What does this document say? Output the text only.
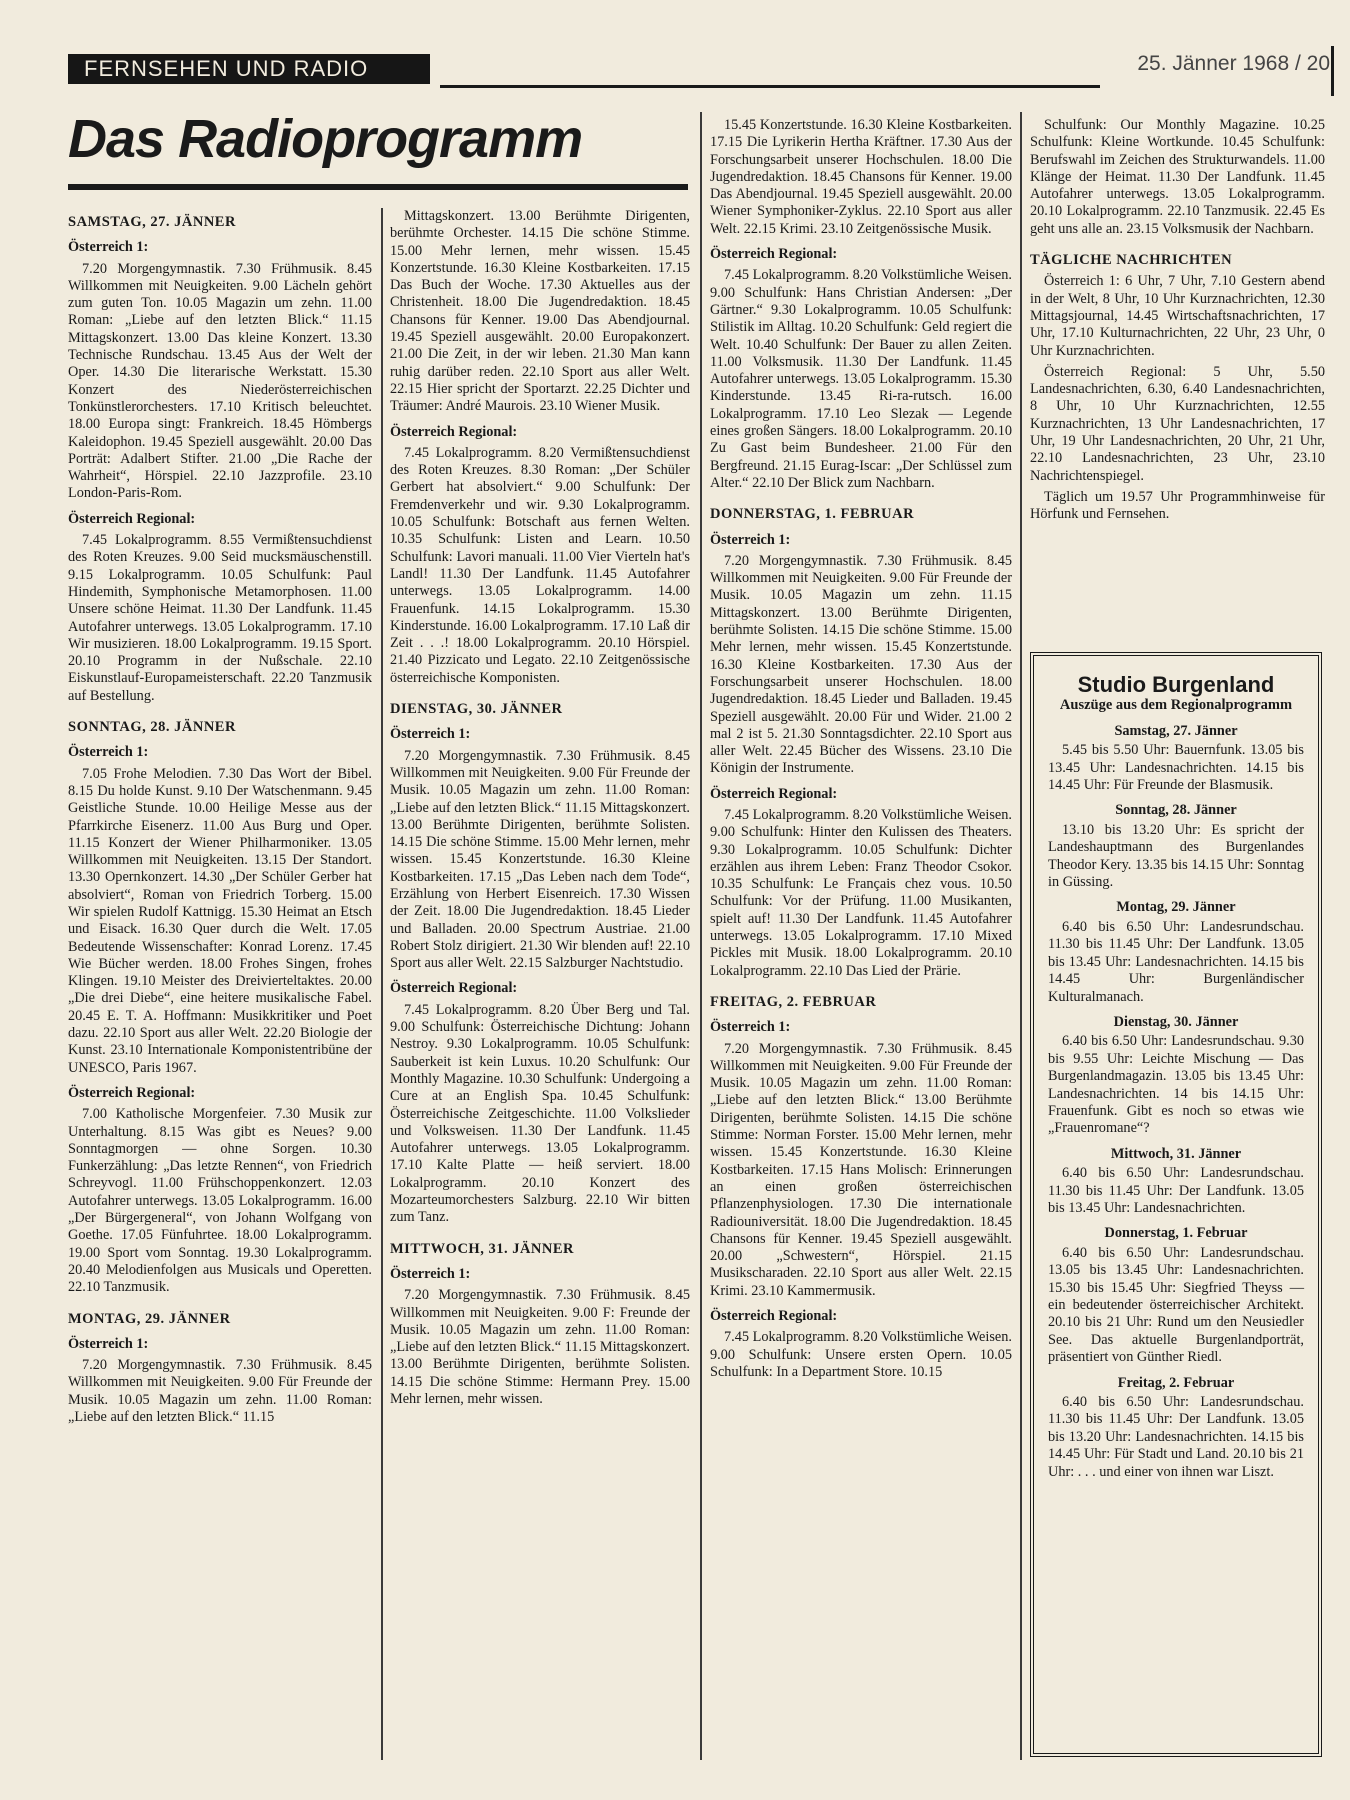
FERNSEHEN UND RADIO	25. Jänner 1968 / 20
Das Radioprogramm

SAMSTAG, 27. JÄNNER

Österreich 1:

7.20 Morgengymnastik. 7.30 Frühmusik. 8.45 Willkommen mit Neuigkeiten. 9.00 Lächeln gehört zum guten Ton. 10.05 Magazin um zehn. 11.00 Roman: „Liebe auf den letzten Blick.“ 11.15 Mittagskonzert. 13.00 Das kleine Konzert. 13.30 Technische Rundschau. 13.45 Aus der Welt der Oper. 14.30 Die literarische Werkstatt. 15.30 Konzert des Niederösterreichischen Tonkünstlerorchesters. 17.10 Kritisch beleuchtet. 18.00 Europa singt: Frankreich. 18.45 Hömbergs Kaleidophon. 19.45 Speziell ausgewählt. 20.00 Das Porträt: Adalbert Stifter. 21.00 „Die Rache der Wahrheit“, Hörspiel. 22.10 Jazzprofile. 23.10 London-Paris-Rom.

Österreich Regional:

7.45 Lokalprogramm. 8.55 Vermißtensuchdienst des Roten Kreuzes. 9.00 Seid mucksmäuschenstill. 9.15 Lokalprogramm. 10.05 Schulfunk: Paul Hindemith, Symphonische Metamorphosen. 11.00 Unsere schöne Heimat. 11.30 Der Landfunk. 11.45 Autofahrer unterwegs. 13.05 Lokalprogramm. 17.10 Wir musizieren. 18.00 Lokalprogramm. 19.15 Sport. 20.10 Programm in der Nußschale. 22.10 Eiskunstlauf-Europameisterschaft. 22.20 Tanzmusik auf Bestellung.

SONNTAG, 28. JÄNNER

Österreich 1:

7.05 Frohe Melodien. 7.30 Das Wort der Bibel. 8.15 Du holde Kunst. 9.10 Der Watschenmann. 9.45 Geistliche Stunde. 10.00 Heilige Messe aus der Pfarrkirche Eisenerz. 11.00 Aus Burg und Oper. 11.15 Konzert der Wiener Philharmoniker. 13.05 Willkommen mit Neuigkeiten. 13.15 Der Standort. 13.30 Opernkonzert. 14.30 „Der Schüler Gerber hat absolviert“, Roman von Friedrich Torberg. 15.00 Wir spielen Rudolf Kattnigg. 15.30 Heimat an Etsch und Eisack. 16.30 Quer durch die Welt. 17.05 Bedeutende Wissenschafter: Konrad Lorenz. 17.45 Wie Bücher werden. 18.00 Frohes Singen, frohes Klingen. 19.10 Meister des Dreivierteltaktes. 20.00 „Die drei Diebe“, eine heitere musikalische Fabel. 20.45 E. T. A. Hoffmann: Musikkritiker und Poet dazu. 22.10 Sport aus aller Welt. 22.20 Biologie der Kunst. 23.10 Internationale Komponistentribüne der UNESCO, Paris 1967.

Österreich Regional:

7.00 Katholische Morgenfeier. 7.30 Musik zur Unterhaltung. 8.15 Was gibt es Neues? 9.00 Sonntagmorgen — ohne Sorgen. 10.30 Funkerzählung: „Das letzte Rennen“, von Friedrich Schreyvogl. 11.00 Frühschoppenkonzert. 12.03 Autofahrer unterwegs. 13.05 Lokalprogramm. 16.00 „Der Bürgergeneral“, von Johann Wolfgang von Goethe. 17.05 Fünfuhrtee. 18.00 Lokalprogramm. 19.00 Sport vom Sonntag. 19.30 Lokalprogramm. 20.40 Melodienfolgen aus Musicals und Operetten. 22.10 Tanzmusik.

MONTAG, 29. JÄNNER

Österreich 1:

7.20 Morgengymnastik. 7.30 Frühmusik. 8.45 Willkommen mit Neuigkeiten. 9.00 Für Freunde der Musik. 10.05 Magazin um zehn. 11.00 Roman: „Liebe auf den letzten Blick.“ 11.15

Mittagskonzert. 13.00 Berühmte Dirigenten, berühmte Orchester. 14.15 Die schöne Stimme. 15.00 Mehr lernen, mehr wissen. 15.45 Konzertstunde. 16.30 Kleine Kostbarkeiten. 17.15 Das Buch der Woche. 17.30 Aktuelles aus der Christenheit. 18.00 Die Jugendredaktion. 18.45 Chansons für Kenner. 19.00 Das Abendjournal. 19.45 Speziell ausgewählt. 20.00 Europakonzert. 21.00 Die Zeit, in der wir leben. 21.30 Man kann ruhig darüber reden. 22.10 Sport aus aller Welt. 22.15 Hier spricht der Sportarzt. 22.25 Dichter und Träumer: André Maurois. 23.10 Wiener Musik.

Österreich Regional:

7.45 Lokalprogramm. 8.20 Vermißtensuchdienst des Roten Kreuzes. 8.30 Roman: „Der Schüler Gerbert hat absolviert.“ 9.00 Schulfunk: Der Fremdenverkehr und wir. 9.30 Lokalprogramm. 10.05 Schulfunk: Botschaft aus fernen Welten. 10.35 Schulfunk: Listen and Learn. 10.50 Schulfunk: Lavori manuali. 11.00 Vier Vierteln hat's Landl! 11.30 Der Landfunk. 11.45 Autofahrer unterwegs. 13.05 Lokalprogramm. 14.00 Frauenfunk. 14.15 Lokalprogramm. 15.30 Kinderstunde. 16.00 Lokalprogramm. 17.10 Laß dir Zeit . . .! 18.00 Lokalprogramm. 20.10 Hörspiel. 21.40 Pizzicato und Legato. 22.10 Zeitgenössische österreichische Komponisten.

DIENSTAG, 30. JÄNNER

Österreich 1:

7.20 Morgengymnastik. 7.30 Frühmusik. 8.45 Willkommen mit Neuigkeiten. 9.00 Für Freunde der Musik. 10.05 Magazin um zehn. 11.00 Roman: „Liebe auf den letzten Blick.“ 11.15 Mittagskonzert. 13.00 Berühmte Dirigenten, berühmte Solisten. 14.15 Die schöne Stimme. 15.00 Mehr lernen, mehr wissen. 15.45 Konzertstunde. 16.30 Kleine Kostbarkeiten. 17.15 „Das Leben nach dem Tode“, Erzählung von Herbert Eisenreich. 17.30 Wissen der Zeit. 18.00 Die Jugendredaktion. 18.45 Lieder und Balladen. 20.00 Spectrum Austriae. 21.00 Robert Stolz dirigiert. 21.30 Wir blenden auf! 22.10 Sport aus aller Welt. 22.15 Salzburger Nachtstudio.

Österreich Regional:

7.45 Lokalprogramm. 8.20 Über Berg und Tal. 9.00 Schulfunk: Österreichische Dichtung: Johann Nestroy. 9.30 Lokalprogramm. 10.05 Schulfunk: Sauberkeit ist kein Luxus. 10.20 Schulfunk: Our Monthly Magazine. 10.30 Schulfunk: Undergoing a Cure at an English Spa. 10.45 Schulfunk: Österreichische Zeitgeschichte. 11.00 Volkslieder und Volksweisen. 11.30 Der Landfunk. 11.45 Autofahrer unterwegs. 13.05 Lokalprogramm. 17.10 Kalte Platte — heiß serviert. 18.00 Lokalprogramm. 20.10 Konzert des Mozarteumorchesters Salzburg. 22.10 Wir bitten zum Tanz.

MITTWOCH, 31. JÄNNER

Österreich 1:

7.20 Morgengymnastik. 7.30 Frühmusik. 8.45 Willkommen mit Neuigkeiten. 9.00 F: Freunde der Musik. 10.05 Magazin um zehn. 11.00 Roman: „Liebe auf den letzten Blick.“ 11.15 Mittagskonzert. 13.00 Berühmte Dirigenten, berühmte Solisten. 14.15 Die schöne Stimme: Hermann Prey. 15.00 Mehr lernen, mehr wissen.

15.45 Konzertstunde. 16.30 Kleine Kostbarkeiten. 17.15 Die Lyrikerin Hertha Kräftner. 17.30 Aus der Forschungsarbeit unserer Hochschulen. 18.00 Die Jugendredaktion. 18.45 Chansons für Kenner. 19.00 Das Abendjournal. 19.45 Speziell ausgewählt. 20.00 Wiener Symphoniker-Zyklus. 22.10 Sport aus aller Welt. 22.15 Krimi. 23.10 Zeitgenössische Musik.

Österreich Regional:

7.45 Lokalprogramm. 8.20 Volkstümliche Weisen. 9.00 Schulfunk: Hans Christian Andersen: „Der Gärtner.“ 9.30 Lokalprogramm. 10.05 Schulfunk: Stilistik im Alltag. 10.20 Schulfunk: Geld regiert die Welt. 10.40 Schulfunk: Der Bauer zu allen Zeiten. 11.00 Volksmusik. 11.30 Der Landfunk. 11.45 Autofahrer unterwegs. 13.05 Lokalprogramm. 15.30 Kinderstunde. 13.45 Ri-ra-rutsch. 16.00 Lokalprogramm. 17.10 Leo Slezak — Legende eines großen Sängers. 18.00 Lokalprogramm. 20.10 Zu Gast beim Bundesheer. 21.00 Für den Bergfreund. 21.15 Eurag-Iscar: „Der Schlüssel zum Alter.“ 22.10 Der Blick zum Nachbarn.

DONNERSTAG, 1. FEBRUAR

Österreich 1:

7.20 Morgengymnastik. 7.30 Frühmusik. 8.45 Willkommen mit Neuigkeiten. 9.00 Für Freunde der Musik. 10.05 Magazin um zehn. 11.15 Mittagskonzert. 13.00 Berühmte Dirigenten, berühmte Solisten. 14.15 Die schöne Stimme. 15.00 Mehr lernen, mehr wissen. 15.45 Konzertstunde. 16.30 Kleine Kostbarkeiten. 17.30 Aus der Forschungsarbeit unserer Hochschulen. 18.00 Jugendredaktion. 18.45 Lieder und Balladen. 19.45 Speziell ausgewählt. 20.00 Für und Wider. 21.00 2 mal 2 ist 5. 21.30 Sonntagsdichter. 22.10 Sport aus aller Welt. 22.45 Bücher des Wissens. 23.10 Die Königin der Instrumente.

Österreich Regional:

7.45 Lokalprogramm. 8.20 Volkstümliche Weisen. 9.00 Schulfunk: Hinter den Kulissen des Theaters. 9.30 Lokalprogramm. 10.05 Schulfunk: Dichter erzählen aus ihrem Leben: Franz Theodor Csokor. 10.35 Schulfunk: Le Français chez vous. 10.50 Schulfunk: Vor der Prüfung. 11.00 Musikanten, spielt auf! 11.30 Der Landfunk. 11.45 Autofahrer unterwegs. 13.05 Lokalprogramm. 17.10 Mixed Pickles mit Musik. 18.00 Lokalprogramm. 20.10 Lokalprogramm. 22.10 Das Lied der Prärie.

FREITAG, 2. FEBRUAR

Österreich 1:

7.20 Morgengymnastik. 7.30 Frühmusik. 8.45 Willkommen mit Neuigkeiten. 9.00 Für Freunde der Musik. 10.05 Magazin um zehn. 11.00 Roman: „Liebe auf den letzten Blick.“ 13.00 Berühmte Dirigenten, berühmte Solisten. 14.15 Die schöne Stimme: Norman Forster. 15.00 Mehr lernen, mehr wissen. 15.45 Konzertstunde. 16.30 Kleine Kostbarkeiten. 17.15 Hans Molisch: Erinnerungen an einen großen österreichischen Pflanzenphysiologen. 17.30 Die internationale Radiouniversität. 18.00 Die Jugendredaktion. 18.45 Chansons für Kenner. 19.45 Speziell ausgewählt. 20.00 „Schwestern“, Hörspiel. 21.15 Musikscharaden. 22.10 Sport aus aller Welt. 22.15 Krimi. 23.10 Kammermusik.

Österreich Regional:

7.45 Lokalprogramm. 8.20 Volkstümliche Weisen. 9.00 Schulfunk: Unsere ersten Opern. 10.05 Schulfunk: In a Department Store. 10.15

Schulfunk: Our Monthly Magazine. 10.25 Schulfunk: Kleine Wortkunde. 10.45 Schulfunk: Berufswahl im Zeichen des Strukturwandels. 11.00 Klänge der Heimat. 11.30 Der Landfunk. 11.45 Autofahrer unterwegs. 13.05 Lokalprogramm. 20.10 Lokalprogramm. 22.10 Tanzmusik. 22.45 Es geht uns alle an. 23.15 Volksmusik der Nachbarn.

TÄGLICHE NACHRICHTEN

Österreich 1: 6 Uhr, 7 Uhr, 7.10 Gestern abend in der Welt, 8 Uhr, 10 Uhr Kurznachrichten, 12.30 Mittagsjournal, 14.45 Wirtschaftsnachrichten, 17 Uhr, 17.10 Kulturnachrichten, 22 Uhr, 23 Uhr, 0 Uhr Kurznachrichten.

Österreich Regional: 5 Uhr, 5.50 Landesnachrichten, 6.30, 6.40 Landesnachrichten, 8 Uhr, 10 Uhr Kurznachrichten, 12.55 Kurznachrichten, 13 Uhr Landesnachrichten, 17 Uhr, 19 Uhr Landesnachrichten, 20 Uhr, 21 Uhr, 22.10 Landesnachrichten, 23 Uhr, 23.10 Nachrichtenspiegel.

Täglich um 19.57 Uhr Programmhinweise für Hörfunk und Fernsehen.

Studio Burgenland
Auszüge aus dem Regionalprogramm
Samstag, 27. Jänner

5.45 bis 5.50 Uhr: Bauernfunk. 13.05 bis 13.45 Uhr: Landesnachrichten. 14.15 bis 14.45 Uhr: Für Freunde der Blasmusik.

Sonntag, 28. Jänner

13.10 bis 13.20 Uhr: Es spricht der Landeshauptmann des Burgenlandes Theodor Kery. 13.35 bis 14.15 Uhr: Sonntag in Güssing.

Montag, 29. Jänner

6.40 bis 6.50 Uhr: Landesrundschau. 11.30 bis 11.45 Uhr: Der Landfunk. 13.05 bis 13.45 Uhr: Landesnachrichten. 14.15 bis 14.45 Uhr: Burgenländischer Kulturalmanach.

Dienstag, 30. Jänner

6.40 bis 6.50 Uhr: Landesrundschau. 9.30 bis 9.55 Uhr: Leichte Mischung — Das Burgenlandmagazin. 13.05 bis 13.45 Uhr: Landesnachrichten. 14 bis 14.15 Uhr: Frauenfunk. Gibt es noch so etwas wie „Frauenromane“?

Mittwoch, 31. Jänner

6.40 bis 6.50 Uhr: Landesrundschau. 11.30 bis 11.45 Uhr: Der Landfunk. 13.05 bis 13.45 Uhr: Landesnachrichten.

Donnerstag, 1. Februar

6.40 bis 6.50 Uhr: Landesrundschau. 13.05 bis 13.45 Uhr: Landesnachrichten. 15.30 bis 15.45 Uhr: Siegfried Theyss — ein bedeutender österreichischer Architekt. 20.10 bis 21 Uhr: Rund um den Neusiedler See. Das aktuelle Burgenlandporträt, präsentiert von Günther Riedl.

Freitag, 2. Februar

6.40 bis 6.50 Uhr: Landesrundschau. 11.30 bis 11.45 Uhr: Der Landfunk. 13.05 bis 13.20 Uhr: Landesnachrichten. 14.15 bis 14.45 Uhr: Für Stadt und Land. 20.10 bis 21 Uhr: . . . und einer von ihnen war Liszt.
